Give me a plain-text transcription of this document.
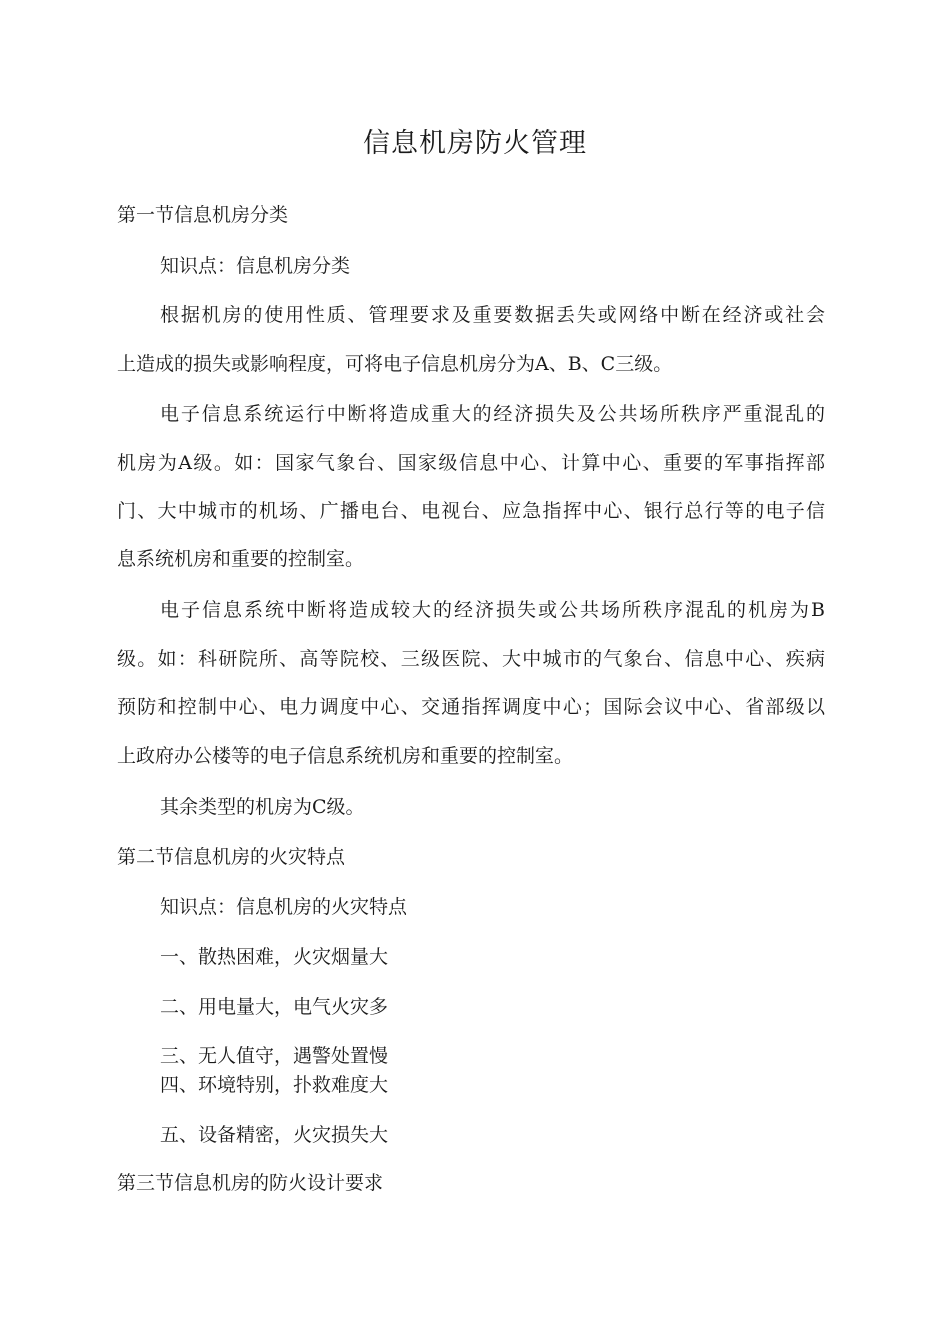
信息机房防火管理
第一节信息机房分类
知识点：信息机房分类
根据机房的使用性质、管理要求及重要数据丢失或网络中断在经济或社会
上造成的损失或影响程度，可将电子信息机房分为A、B、C三级。
电子信息系统运行中断将造成重大的经济损失及公共场所秩序严重混乱的
机房为A级。如：国家气象台、国家级信息中心、计算中心、重要的军事指挥部
门、大中城市的机场、广播电台、电视台、应急指挥中心、银行总行等的电子信
息系统机房和重要的控制室。
电子信息系统中断将造成较大的经济损失或公共场所秩序混乱的机房为B
级。如：科研院所、高等院校、三级医院、大中城市的气象台、信息中心、疾病
预防和控制中心、电力调度中心、交通指挥调度中心；国际会议中心、省部级以
上政府办公楼等的电子信息系统机房和重要的控制室。
其余类型的机房为C级。
第二节信息机房的火灾特点
知识点：信息机房的火灾特点
一、散热困难，火灾烟量大
二、用电量大，电气火灾多
三、无人值守，遇警处置慢
四、环境特别，扑救难度大
五、设备精密，火灾损失大
第三节信息机房的防火设计要求
